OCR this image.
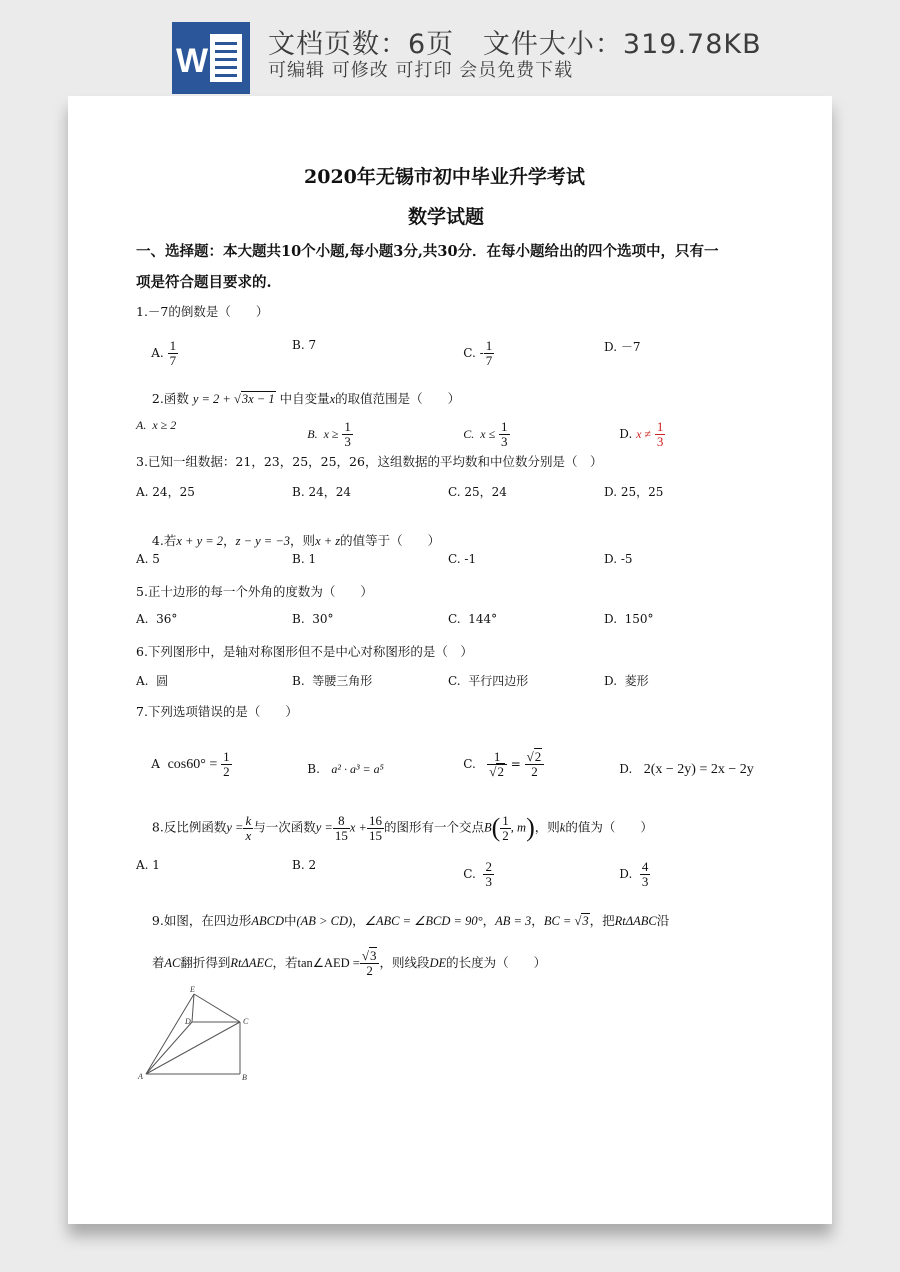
W 文档页数：6页   文件大小：319.78KB
可编辑 可修改 可打印 会员免费下载
2020年无锡市初中毕业升学考试
数学试题
一、选择题：本大题共10个小题,每小题3分,共30分．在每小题给出的四个选项中，只有一
项是符合题目要求的.
1.－7的倒数是（　　）

A. $\frac{1}{7}$

	B. 7

C. - $\frac{1}{7}$

	D. －7

2.函数 y = 2 + √3x − 1 中自变量x的取值范围是（　　）

A.  x ≥ 2

B.  $x \ge \frac{1}{3}$

	C.  $x \le \frac{1}{3}$

	D. $x \ne \frac{1}{3}$

3.已知一组数据：21，23，25，25，26，这组数据的平均数和中位数分别是（　）
A. 24，25	B. 24，24	C. 25，24	D. 25，25

4.若x + y = 2，z − y = −3，则x + z的值等于（　　）

A. 5	B. 1	C. -1	D. -5
5.正十边形的每一个外角的度数为（　　）
A.  36°	B.  30°	C.  144°	D.  150°
6.下列图形中，是轴对称图形但不是中心对称图形的是（　）
A.  圆	B.  等腰三角形	C.  平行四边形	D.  菱形
7.下列选项错误的是（　　）

A $\cos 60^\circ = \frac{1}{2}$

	B. a² · a³ = a⁵
	C. $\frac{1}{√2} = \frac{√2}{2}$

	D. 2(x − 2y) = 2x − 2y

8.反比例函数$y = \frac{k}{x}$ 与一次函数$y = \frac{8}{15}$ $x + \frac{16}{15}$ 的图形有一个交点$B( \frac{1}{2}$ , m)，则k的值为（　　）

A. 1	B. 2

C. $\frac{2}{3}$

	D. $\frac{4}{3}$

9.如图，在四边形ABCD中(AB > CD)，∠ABC = ∠BCD = 90°，AB = 3，BC = √3，把RtΔABC沿

着AC翻折得到RtΔAEC，若tan∠AED = $\frac{√3}{2}$ ，则线段DE的长度为（　　）

E
D	C
A	B
